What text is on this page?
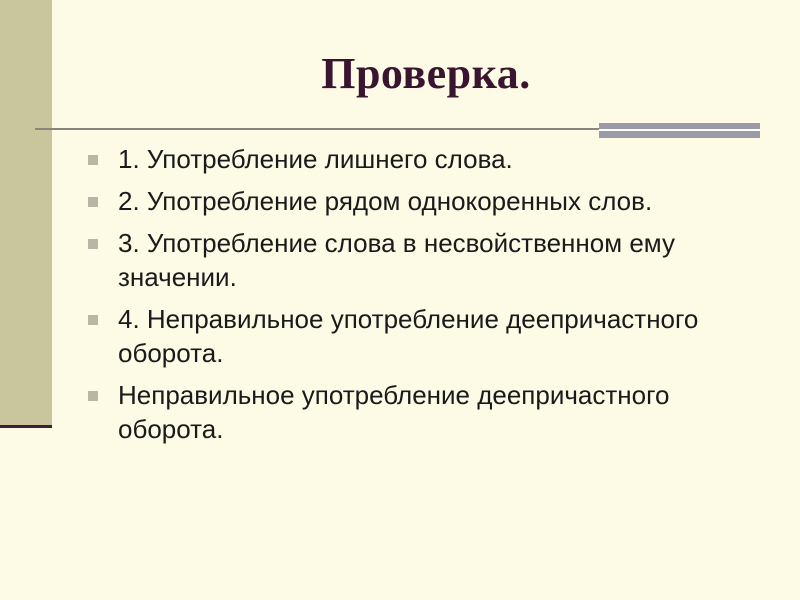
Проверка.
1. Употребление лишнего слова.
2. Употребление рядом однокоренных слов.
3. Употребление слова в несвойственном ему значении.
4. Неправильное употребление деепричастного оборота.
Неправильное употребление деепричастного оборота.
